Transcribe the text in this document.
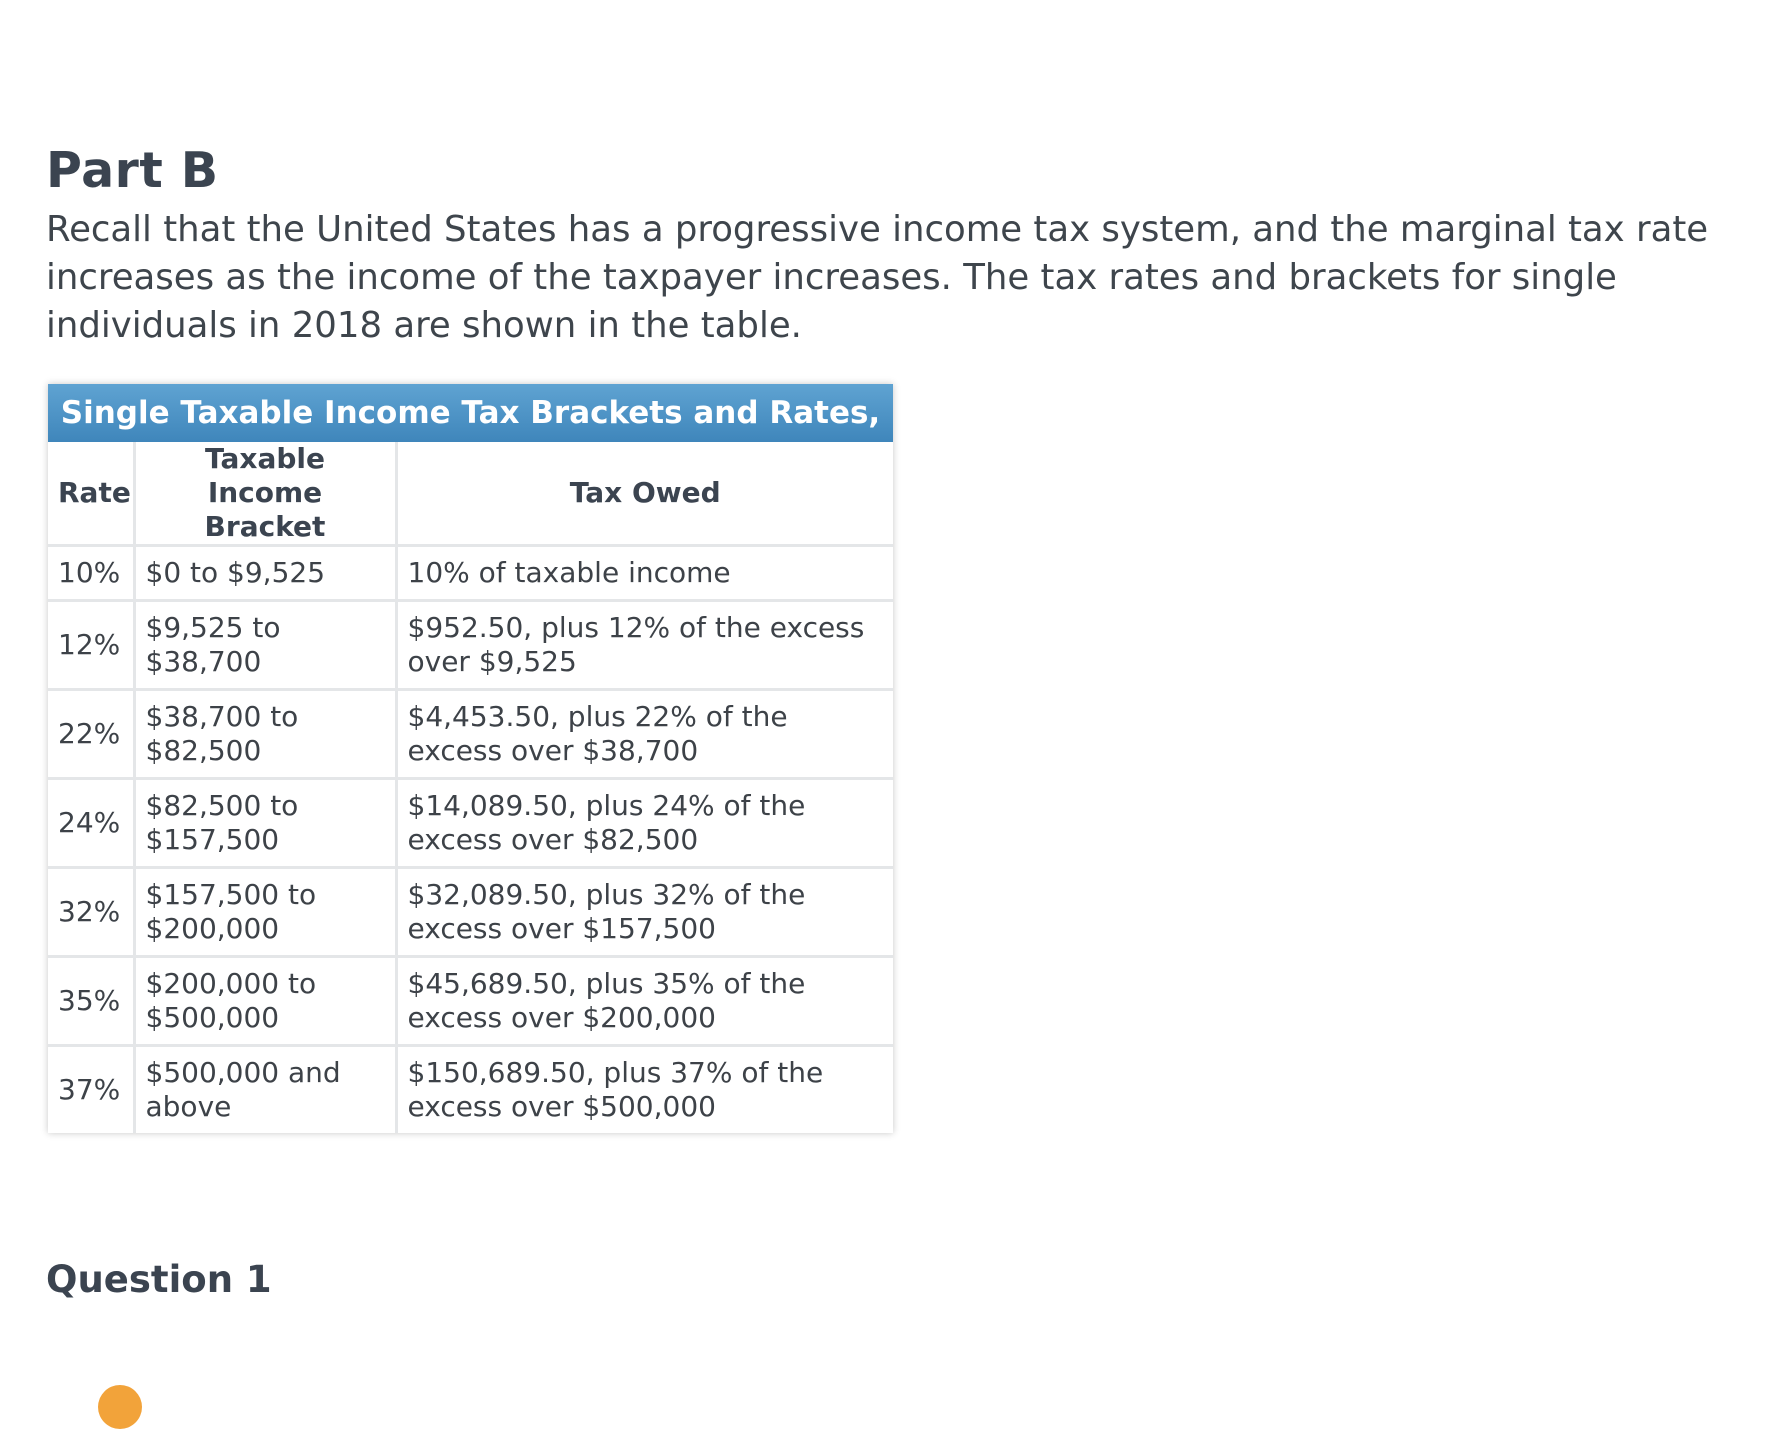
Part B

Recall that the United States has a progressive income tax system, and the marginal tax rate increases as the income of the taxpayer increases. The tax rates and brackets for single individuals in 2018 are shown in the table.

Single Taxable Income Tax Brackets and Rates, 2018
Rate	Taxable Income Bracket	Tax Owed
10%	$0 to $9,525	10% of taxable income
12%	$9,525 to $38,700	$952.50, plus 12% of the excess over $9,525
22%	$38,700 to $82,500	$4,453.50, plus 22% of the excess over $38,700
24%	$82,500 to $157,500	$14,089.50, plus 24% of the excess over $82,500
32%	$157,500 to $200,000	$32,089.50, plus 32% of the excess over $157,500
35%	$200,000 to $500,000	$45,689.50, plus 35% of the excess over $200,000
37%	$500,000 and above	$150,689.50, plus 37% of the excess over $500,000
Question 1
